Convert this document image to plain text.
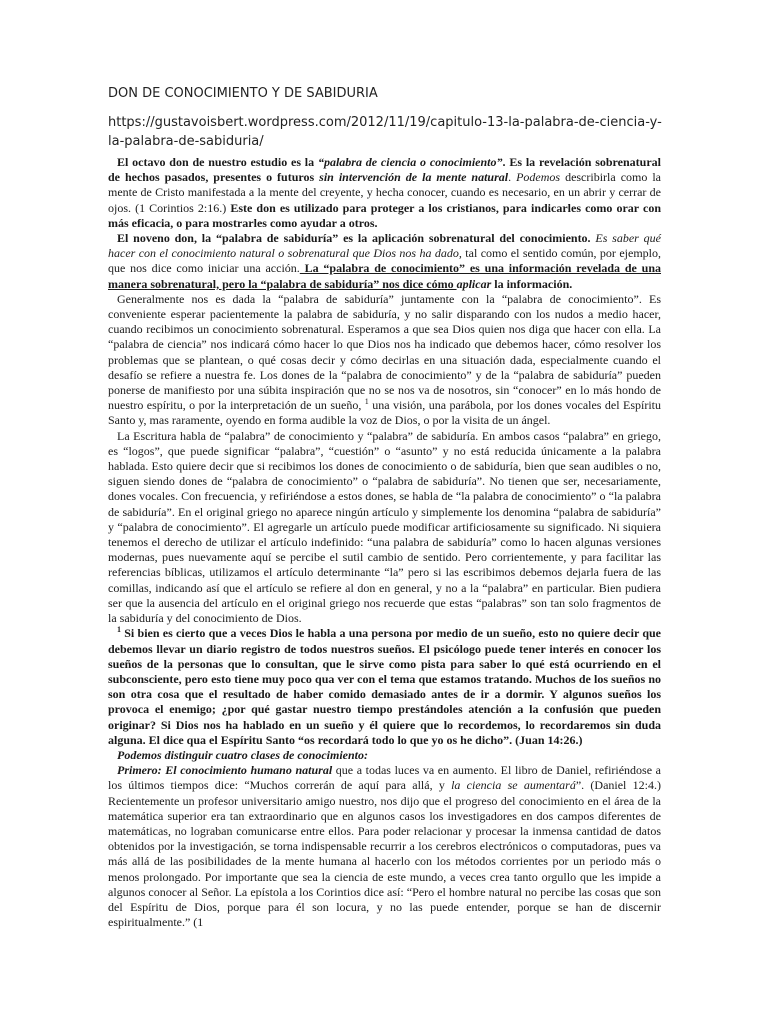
DON DE CONOCIMIENTO Y DE SABIDURIA
https://gustavoisbert.wordpress.com/2012/11/19/capitulo-13-la-palabra-de-ciencia-y-la-palabra-de-sabiduria/

El octavo don de nuestro estudio es la “palabra de ciencia o conocimiento”. Es la revelación sobrenatural de hechos pasados, presentes o futuros sin intervención de la mente natural. Podemos describirla como la mente de Cristo manifestada a la mente del creyente, y hecha conocer, cuando es necesario, en un abrir y cerrar de ojos. (1 Corintios 2:16.) Este don es utilizado para proteger a los cristianos, para indicarles como orar con más eficacia, o para mostrarles como ayudar a otros.

El noveno don, la “palabra de sabiduría” es la aplicación sobrenatural del conocimiento. Es saber qué hacer con el conocimiento natural o sobrenatural que Dios nos ha dado, tal como el sentido común, por ejemplo, que nos dice como iniciar una acción. La “palabra de conocimiento” es una información revelada de una manera sobrenatural, pero la “palabra de sabiduría” nos dice cómo aplicar la información.

Generalmente nos es dada la “palabra de sabiduría” juntamente con la “palabra de conocimiento”. Es conveniente esperar pacientemente la palabra de sabiduría, y no salir disparando con los nudos a medio hacer, cuando recibimos un conocimiento sobrenatural. Esperamos a que sea Dios quien nos diga que hacer con ella. La “palabra de ciencia” nos indicará cómo hacer lo que Dios nos ha indicado que debemos hacer, cómo resolver los problemas que se plantean, o qué cosas decir y cómo decirlas en una situación dada, especialmente cuando el desafío se refiere a nuestra fe. Los dones de la “palabra de conocimiento” y de la “palabra de sabiduría” pueden ponerse de manifiesto por una súbita inspiración que no se nos va de nosotros, sin “conocer” en lo más hondo de nuestro espíritu, o por la interpretación de un sueño, $^1$ una visión, una parábola, por los dones vocales del Espíritu Santo y, mas raramente, oyendo en forma audible la voz de Dios, o por la visita de un ángel.

La Escritura habla de “palabra” de conocimiento y “palabra” de sabiduría. En ambos casos “palabra” en griego, es “logos”, que puede significar “palabra”, “cuestión” o “asunto” y no está reducida únicamente a la palabra hablada. Esto quiere decir que si recibimos los dones de conocimiento o de sabiduría, bien que sean audibles o no, siguen siendo dones de “palabra de conocimiento” o “palabra de sabiduría”. No tienen que ser, necesariamente, dones vocales. Con frecuencia, y refiriéndose a estos dones, se habla de “la palabra de conocimiento” o “la palabra de sabiduría”. En el original griego no aparece ningún artículo y simplemente los denomina “palabra de sabiduría” y “palabra de conocimiento”. El agregarle un artículo puede modificar artificiosamente su significado. Ni siquiera tenemos el derecho de utilizar el artículo indefinido: “una palabra de sabiduría” como lo hacen algunas versiones modernas, pues nuevamente aquí se percibe el sutil cambio de sentido. Pero corrientemente, y para facilitar las referencias bíblicas, utilizamos el artículo determinante “la” pero si las escribimos debemos dejarla fuera de las comillas, indicando así que el artículo se refiere al don en general, y no a la “palabra” en particular. Bien pudiera ser que la ausencia del artículo en el original griego nos recuerde que estas “palabras” son tan solo fragmentos de la sabiduría y del conocimiento de Dios.

$^1$ Si bien es cierto que a veces Dios le habla a una persona por medio de un sueño, esto no quiere decir que debemos llevar un diario registro de todos nuestros sueños. El psicólogo puede tener interés en conocer los sueños de la personas que lo consultan, que le sirve como pista para saber lo qué está ocurriendo en el subconsciente, pero esto tiene muy poco qua ver con el tema que estamos tratando. Muchos de los sueños no son otra cosa que el resultado de haber comido demasiado antes de ir a dormir. Y algunos sueños los provoca el enemigo; ¿por qué gastar nuestro tiempo prestándoles atención a la confusión que pueden originar? Si Dios nos ha hablado en un sueño y él quiere que lo recordemos, lo recordaremos sin duda alguna. El dice qua el Espíritu Santo “os recordará todo lo que yo os he dicho”. (Juan 14:26.)

Podemos distinguir cuatro clases de conocimiento:

Primero: El conocimiento humano natural que a todas luces va en aumento. El libro de Daniel, refiriéndose a los últimos tiempos dice: “Muchos correrán de aquí para allá, y la ciencia se aumentará”. (Daniel 12:4.) Recientemente un profesor universitario amigo nuestro, nos dijo que el progreso del conocimiento en el área de la matemática superior era tan extraordinario que en algunos casos los investigadores en dos campos diferentes de matemáticas, no lograban comunicarse entre ellos. Para poder relacionar y procesar la inmensa cantidad de datos obtenidos por la investigación, se torna indispensable recurrir a los cerebros electrónicos o computadoras, pues va más allá de las posibilidades de la mente humana al hacerlo con los métodos corrientes por un periodo más o menos prolongado. Por importante que sea la ciencia de este mundo, a veces crea tanto orgullo que les impide a algunos conocer al Señor. La epístola a los Corintios dice así: “Pero el hombre natural no percibe las cosas que son del Espíritu de Dios, porque para él son locura, y no las puede entender, porque se han de discernir espiritualmente.” (1
